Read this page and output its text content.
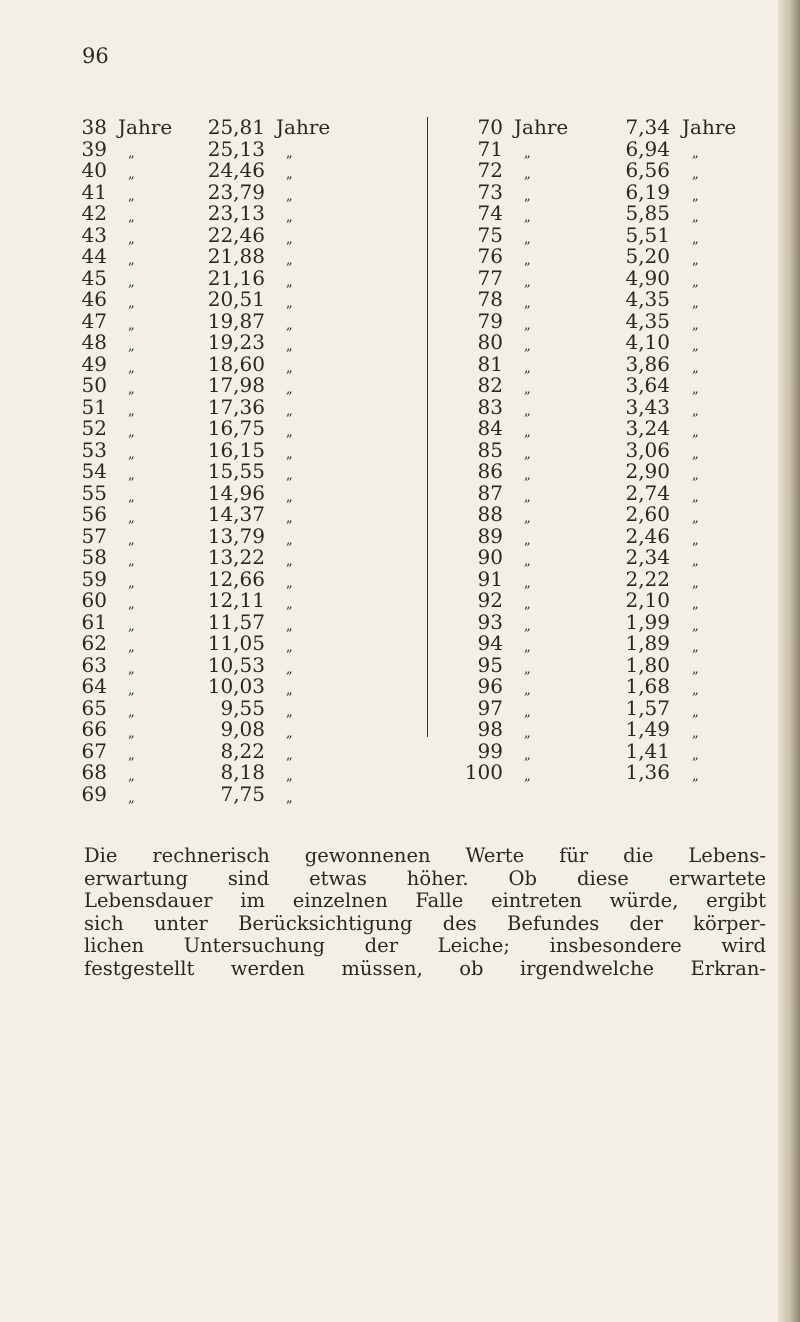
96
38 Jahre 25,81 Jahre
39 „	25,13 „
40 „	24,46 „
41 „	23,79 „
42 „	23,13 „
43 „	22,46 „
44 „	21,88 „
45 „	21,16 „
46 „	20,51 „
47 „	19,87 „
48 „	19,23 „
49 „	18,60 „
50 „	17,98 „
51 „	17,36 „
52 „	16,75 „
53 „	16,15 „
54 „	15,55 „
55 „	14,96 „
56 „	14,37 „
57 „	13,79 „
58 „	13,22 „
59 „	12,66 „
60 „	12,11 „
61 „	11,57 „
62 „	11,05 „
63 „	10,53 „
64 „	10,03 „
65 „	9,55 „
66 „	9,08 „
67 „	8,22 „
68 „	8,18 „
69 „	7,75 „
70 Jahre	7,34 Jahre
71 „	6,94 „
72 „	6,56 „
73 „	6,19 „
74 „	5,85 „
75 „	5,51 „
76 „	5,20 „
77 „	4,90 „
78 „	4,35 „
79 „	4,35 „
80 „	4,10 „
81 „	3,86 „
82 „	3,64 „
83 „	3,43 „
84 „	3,24 „
85 „	3,06 „
86 „	2,90 „
87 „	2,74 „
88 „	2,60 „
89 „	2,46 „
90 „	2,34 „
91 „	2,22 „
92 „	2,10 „
93 „	1,99 „
94 „	1,89 „
95 „	1,80 „
96 „	1,68 „
97 „	1,57 „
98 „	1,49 „
99 „	1,41 „
100 „	1,36 „
Die rechnerisch gewonnenen Werte für die Lebens-
erwartung sind etwas höher. Ob diese erwartete
Lebensdauer im einzelnen Falle eintreten würde, ergibt
sich unter Berücksichtigung des Befundes der körper-
lichen Untersuchung der Leiche; insbesondere wird
festgestellt werden müssen, ob irgendwelche Erkran-
